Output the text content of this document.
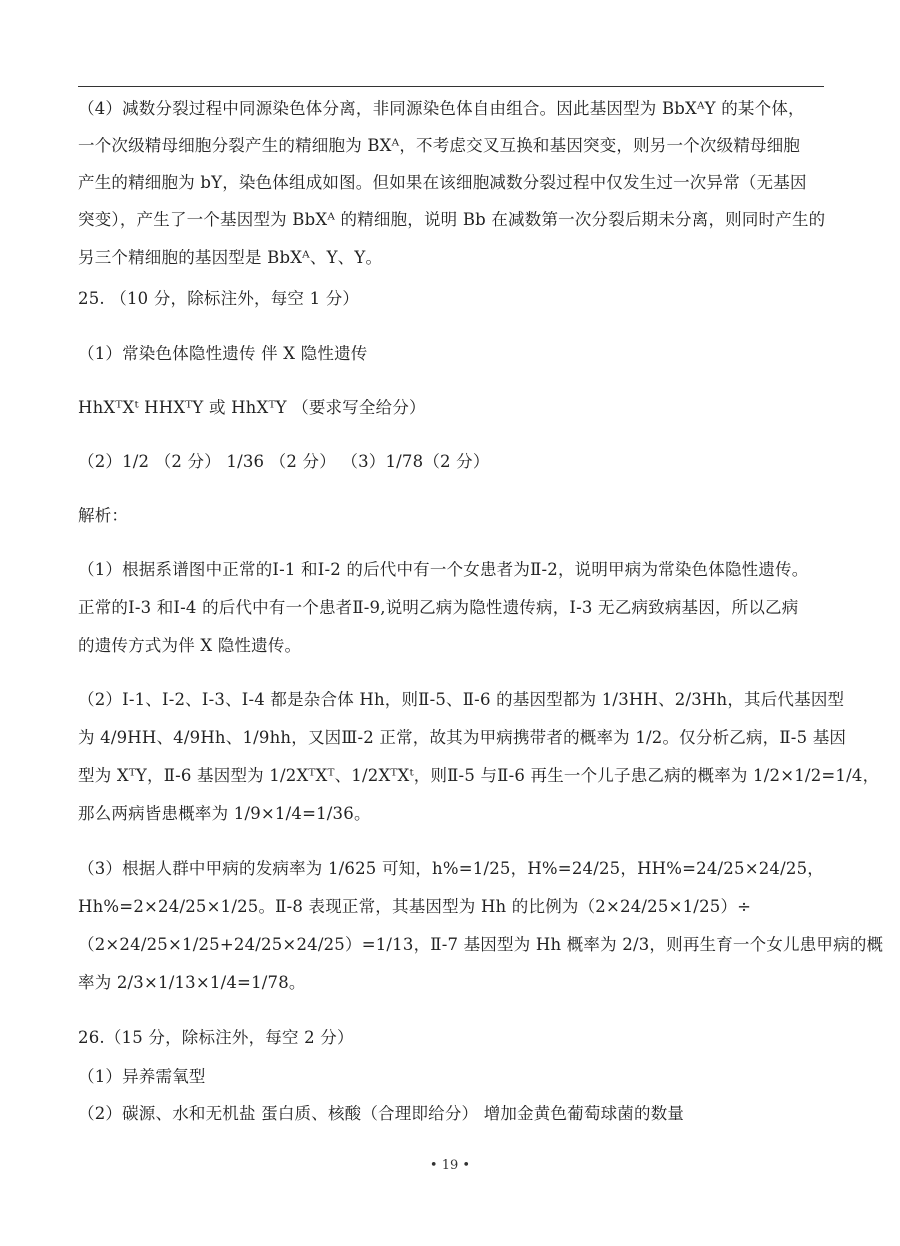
（4）减数分裂过程中同源染色体分离，非同源染色体自由组合。因此基因型为 BbXᴬY 的某个体，
一个次级精母细胞分裂产生的精细胞为 BXᴬ，不考虑交叉互换和基因突变，则另一个次级精母细胞
产生的精细胞为 bY，染色体组成如图。但如果在该细胞减数分裂过程中仅发生过一次异常（无基因
突变），产生了一个基因型为 BbXᴬ 的精细胞，说明 Bb 在减数第一次分裂后期未分离，则同时产生的
另三个精细胞的基因型是 BbXᴬ、Y、Y。
25. （10 分，除标注外，每空 1 分）
（1）常染色体隐性遗传 伴 X 隐性遗传
HhXᵀXᵗ HHXᵀY 或 HhXᵀY （要求写全给分）
（2）1/2 （2 分） 1/36 （2 分） （3）1/78（2 分）
解析：
（1）根据系谱图中正常的Ⅰ-1 和Ⅰ-2 的后代中有一个女患者为Ⅱ-2，说明甲病为常染色体隐性遗传。
正常的Ⅰ-3 和Ⅰ-4 的后代中有一个患者Ⅱ-9,说明乙病为隐性遗传病，I-3 无乙病致病基因，所以乙病
的遗传方式为伴 X 隐性遗传。
（2）I-1、I-2、I-3、I-4 都是杂合体 Hh，则Ⅱ-5、Ⅱ-6 的基因型都为 1/3HH、2/3Hh，其后代基因型
为 4/9HH、4/9Hh、1/9hh，又因Ⅲ-2 正常，故其为甲病携带者的概率为 1/2。仅分析乙病，Ⅱ-5 基因
型为 XᵀY，Ⅱ-6 基因型为 1/2XᵀXᵀ、1/2XᵀXᵗ，则Ⅱ-5 与Ⅱ-6 再生一个儿子患乙病的概率为 1/2×1/2=1/4，
那么两病皆患概率为 1/9×1/4=1/36。
（3）根据人群中甲病的发病率为 1/625 可知，h%=1/25，H%=24/25，HH%=24/25×24/25，
Hh%=2×24/25×1/25。Ⅱ-8 表现正常，其基因型为 Hh 的比例为（2×24/25×1/25）÷
（2×24/25×1/25+24/25×24/25）=1/13，Ⅱ-7 基因型为 Hh 概率为 2/3，则再生育一个女儿患甲病的概
率为 2/3×1/13×1/4=1/78。
26.（15 分，除标注外，每空 2 分）
（1）异养需氧型
（2）碳源、水和无机盐 蛋白质、核酸（合理即给分） 增加金黄色葡萄球菌的数量
• 19 •
